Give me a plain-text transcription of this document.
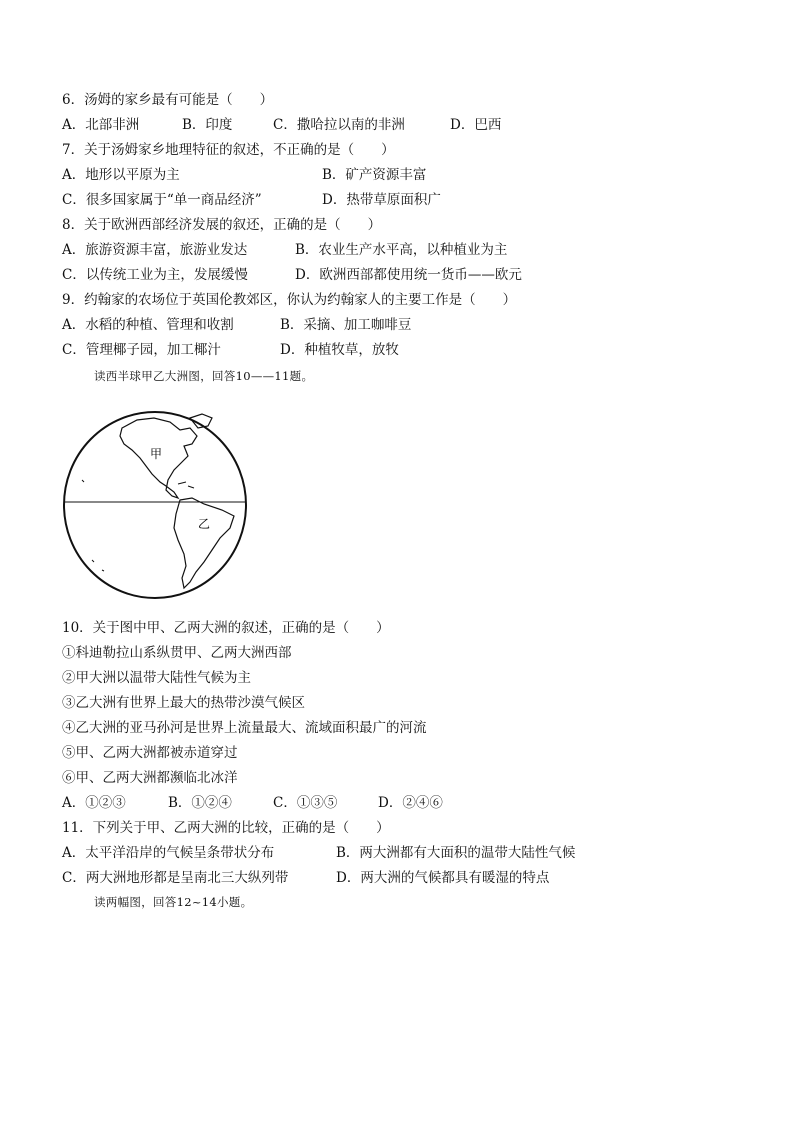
6．汤姆的家乡最有可能是（　　）
A．北部非洲	B．印度	C．撒哈拉以南的非洲	D．巴西
7．关于汤姆家乡地理特征的叙述，不正确的是（　　）
A．地形以平原为主	B．矿产资源丰富
C．很多国家属于“单一商品经济”	D．热带草原面积广
8．关于欧洲西部经济发展的叙还，正确的是（　　）
A．旅游资源丰富，旅游业发达	B．农业生产水平高，以种植业为主
C．以传统工业为主，发展缓慢	D．欧洲西部都使用统一货币——欧元
9．约翰家的农场位于英国伦教郊区，你认为约翰家人的主要工作是（　　）
A．水稻的种植、管理和收割	B．采摘、加工咖啡豆
C．管理椰子园，加工椰汁	D．种植牧草，放牧
读西半球甲乙大洲图，回答10——11题。
甲
乙
10．关于图中甲、乙两大洲的叙述，正确的是（　　）
①科迪勒拉山系纵贯甲、乙两大洲西部
②甲大洲以温带大陆性气候为主
③乙大洲有世界上最大的热带沙漠气候区
④乙大洲的亚马孙河是世界上流量最大、流域面积最广的河流
⑤甲、乙两大洲都被赤道穿过
⑥甲、乙两大洲都濒临北冰洋
A．①②③	B．①②④	C．①③⑤	D．②④⑥
11．下列关于甲、乙两大洲的比较，正确的是（　　）
A．太平洋沿岸的气候呈条带状分布	B．两大洲都有大面积的温带大陆性气候
C．两大洲地形都是呈南北三大纵列带	D．两大洲的气候都具有暖湿的特点
读两幅图，回答12~14小题。
